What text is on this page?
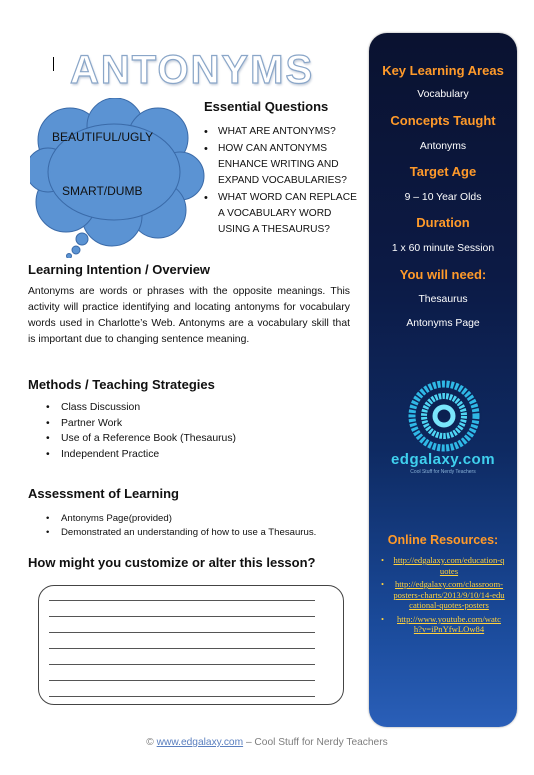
ANTONYMS
BEAUTIFUL/UGLY
SMART/DUMB
Essential Questions
• WHAT ARE ANTONYMS?
• HOW CAN ANTONYMS ENHANCE WRITING AND EXPAND VOCABULARIES?
• WHAT WORD CAN REPLACE A VOCABULARY WORD USING A THESAURUS?
Learning Intention / Overview

Antonyms are words or phrases with the opposite meanings. This activity will practice identifying and locating antonyms for vocabulary words used in Charlotte’s Web. Antonyms are a vocabulary skill that is important due to changing sentence meaning.

Methods / Teaching Strategies
• Class Discussion
• Partner Work
• Use of a Reference Book (Thesaurus)
• Independent Practice
Assessment of Learning
• Antonyms Page(provided)
• Demonstrated an understanding of how to use a Thesaurus.
How might you customize or alter this lesson?
© www.edgalaxy.com – Cool Stuff for Nerdy Teachers
Key Learning Areas
Vocabulary
Concepts Taught
Antonyms
Target Age
9 – 10 Year Olds
Duration
1 x 60 minute Session
You will need:
Thesaurus
Antonyms Page
edgalaxy.com
Cool Stuff for Nerdy Teachers
Online Resources:
• http://edgalaxy.com/education-quotes
• http://edgalaxy.com/classroom-posters-charts/2013/9/10/14-educational-quotes-posters
• http://www.youtube.com/watch?v=iPnYfwLOw84
